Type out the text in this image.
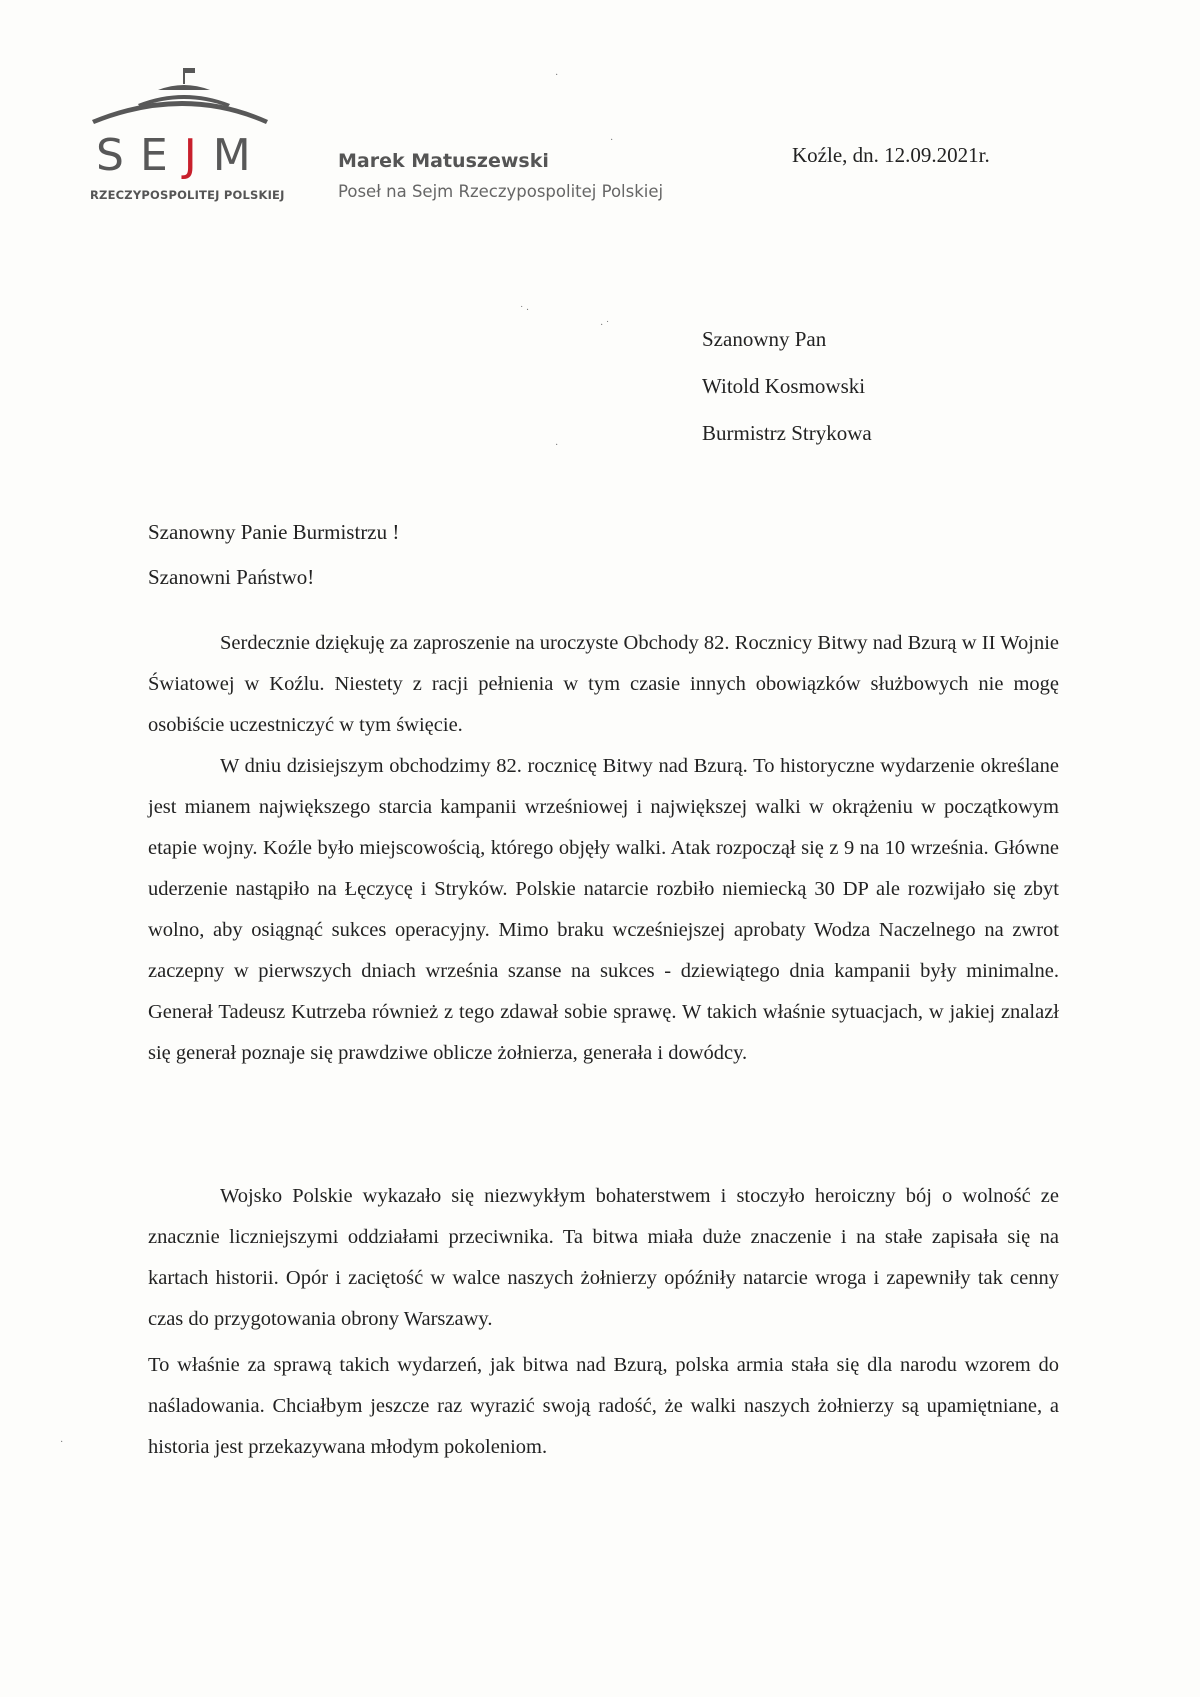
SEJM
RZECZYPOSPOLITEJ POLSKIEJ
Marek Matuszewski
Poseł na Sejm Rzeczypospolitej Polskiej
Koźle, dn. 12.09.2021r.
Szanowny Pan
Witold Kosmowski
Burmistrz Strykowa
Szanowny Panie Burmistrzu !
Szanowni Państwo!

Serdecznie dziękuję za zaproszenie na uroczyste Obchody 82. Rocznicy Bitwy nad Bzurą w II Wojnie Światowej w Koźlu. Niestety z racji pełnienia w tym czasie innych obowiązków służbowych nie mogę osobiście uczestniczyć w tym święcie.

W dniu dzisiejszym obchodzimy 82. rocznicę Bitwy nad Bzurą. To historyczne wydarzenie określane jest mianem największego starcia kampanii wrześniowej i największej walki w okrążeniu w początkowym etapie wojny. Koźle było miejscowością, którego objęły walki. Atak rozpoczął się z 9 na 10 września. Główne uderzenie nastąpiło na Łęczycę i Stryków. Polskie natarcie rozbiło niemiecką 30 DP ale rozwijało się zbyt wolno, aby osiągnąć sukces operacyjny. Mimo braku wcześniejszej aprobaty Wodza Naczelnego na zwrot zaczepny w pierwszych dniach września szanse na sukces - dziewiątego dnia kampanii były minimalne. Generał Tadeusz Kutrzeba również z tego zdawał sobie sprawę. W takich właśnie sytuacjach, w jakiej znalazł się generał poznaje się prawdziwe oblicze żołnierza, generała i dowódcy.

Wojsko Polskie wykazało się niezwykłym bohaterstwem i stoczyło heroiczny bój o wolność ze znacznie liczniejszymi oddziałami przeciwnika. Ta bitwa miała duże znaczenie i na stałe zapisała się na kartach historii. Opór i zaciętość w walce naszych żołnierzy opóźniły natarcie wroga i zapewniły tak cenny czas do przygotowania obrony Warszawy.

To właśnie za sprawą takich wydarzeń, jak bitwa nad Bzurą, polska armia stała się dla narodu wzorem do naśladowania. Chciałbym jeszcze raz wyrazić swoją radość, że walki naszych żołnierzy są upamiętniane, a historia jest przekazywana młodym pokoleniom.

·
·
˙ ·
· ˙
·
·
